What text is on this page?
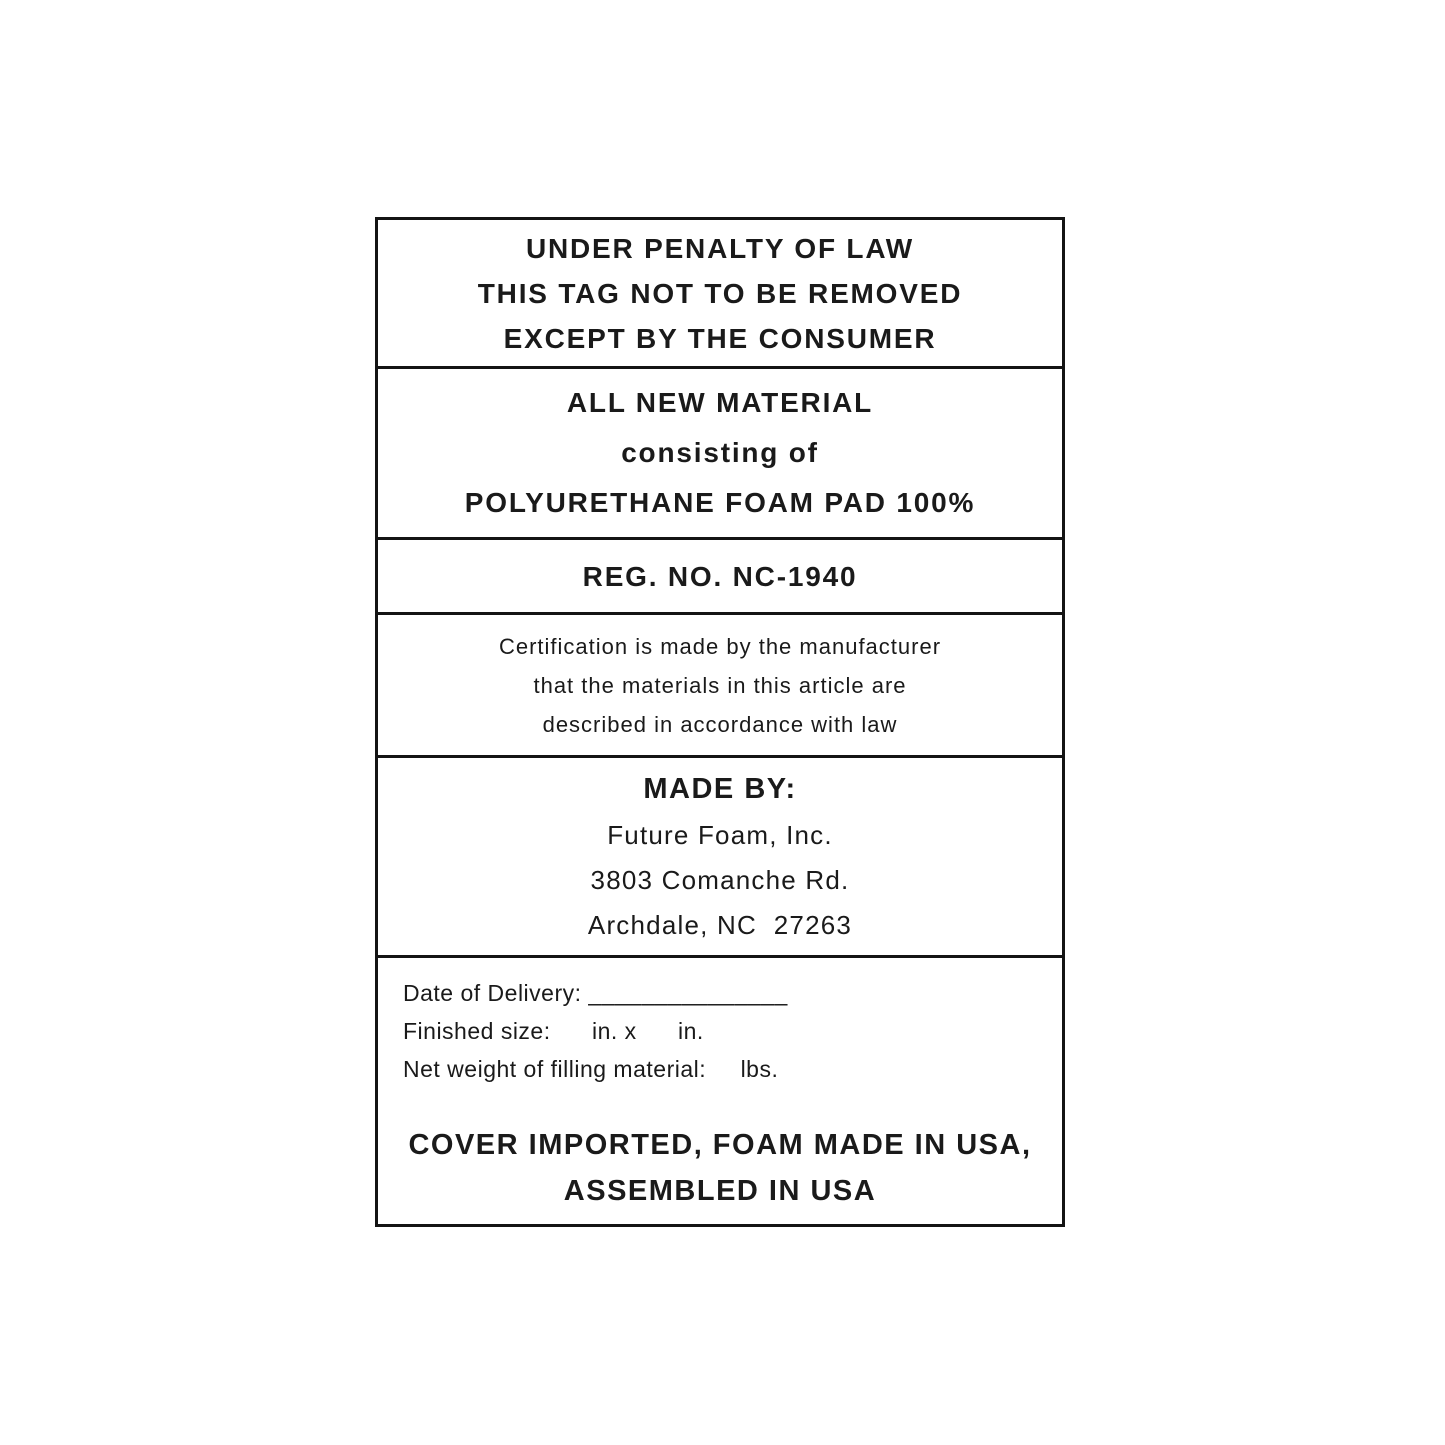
UNDER PENALTY OF LAW
THIS TAG NOT TO BE REMOVED
EXCEPT BY THE CONSUMER
ALL NEW MATERIAL
consisting of
POLYURETHANE FOAM PAD 100%
REG. NO. NC-1940
Certification is made by the manufacturer
that the materials in this article are
described in accordance with law
MADE BY:
Future Foam, Inc.
3803 Comanche Rd.
Archdale, NC  27263
Date of Delivery: _______________
Finished size:      in. x      in.
Net weight of filling material:     lbs.
COVER IMPORTED, FOAM MADE IN USA,
ASSEMBLED IN USA
